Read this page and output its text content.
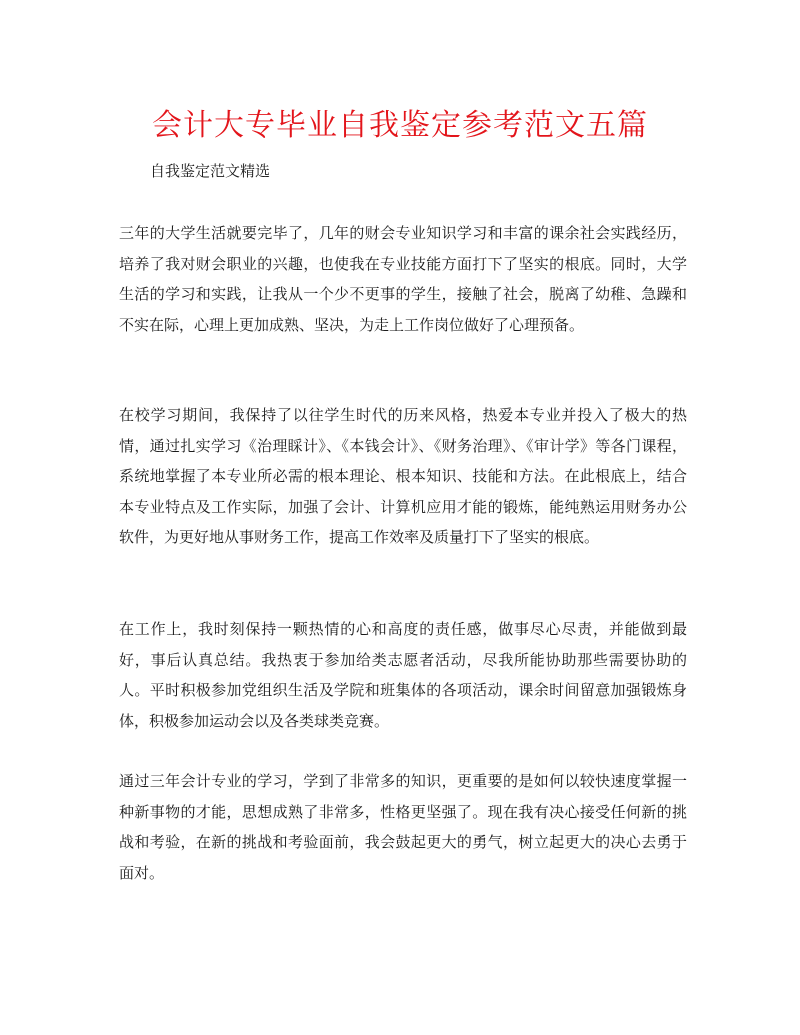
会计大专毕业自我鉴定参考范文五篇

自我鉴定范文精选

三年的大学生活就要完毕了，几年的财会专业知识学习和丰富的课余社会实践经历，培养了我对财会职业的兴趣，也使我在专业技能方面打下了坚实的根底。同时，大学生活的学习和实践，让我从一个少不更事的学生，接触了社会，脱离了幼稚、急躁和不实在际，心理上更加成熟、坚决，为走上工作岗位做好了心理预备。

在校学习期间，我保持了以往学生时代的历来风格，热爱本专业并投入了极大的热情，通过扎实学习《治理睬计》、《本钱会计》、《财务治理》、《审计学》等各门课程，系统地掌握了本专业所必需的根本理论、根本知识、技能和方法。在此根底上，结合本专业特点及工作实际，加强了会计、计算机应用才能的锻炼，能纯熟运用财务办公软件，为更好地从事财务工作，提高工作效率及质量打下了坚实的根底。

在工作上，我时刻保持一颗热情的心和高度的责任感，做事尽心尽责，并能做到最好，事后认真总结。我热衷于参加给类志愿者活动，尽我所能协助那些需要协助的人。平时积极参加党组织生活及学院和班集体的各项活动，课余时间留意加强锻炼身体，积极参加运动会以及各类球类竞赛。

通过三年会计专业的学习，学到了非常多的知识，更重要的是如何以较快速度掌握一种新事物的才能，思想成熟了非常多，性格更坚强了。现在我有决心接受任何新的挑战和考验，在新的挑战和考验面前，我会鼓起更大的勇气，树立起更大的决心去勇于面对。
